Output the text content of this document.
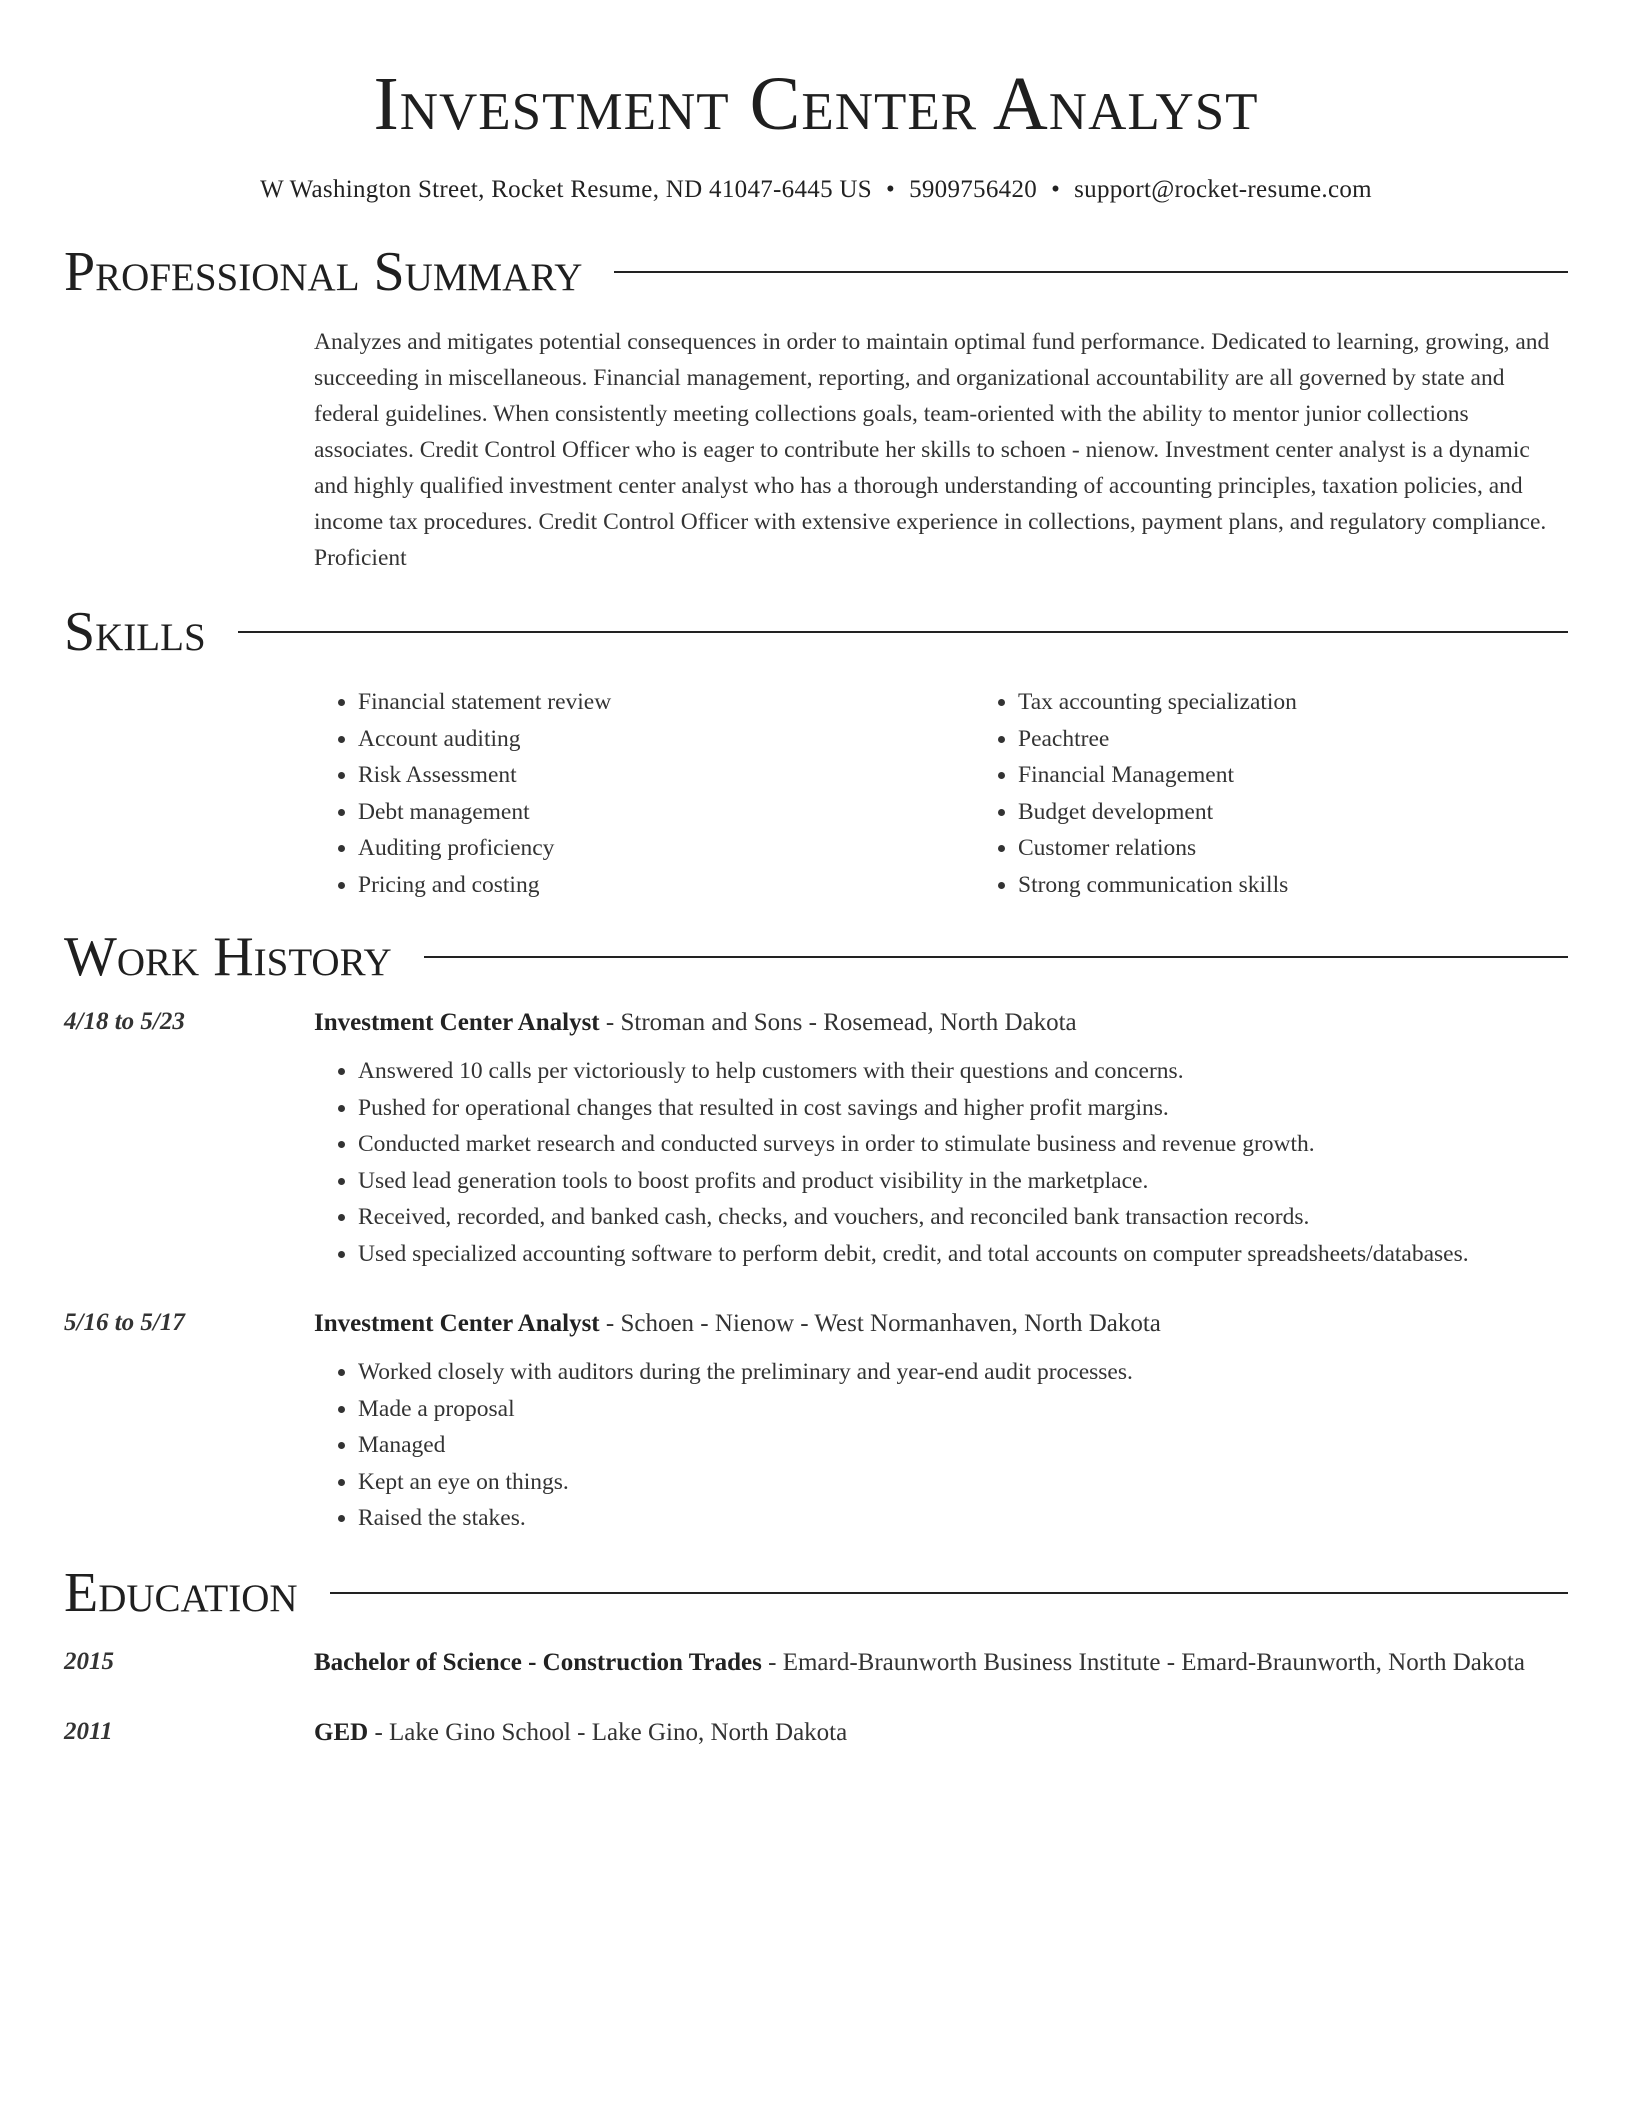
Investment Center Analyst
W Washington Street, Rocket Resume, ND 41047-6445 US • 5909756420 • support@rocket-resume.com
Professional Summary
Analyzes and mitigates potential consequences in order to maintain optimal fund performance. Dedicated to learning, growing, and succeeding in miscellaneous. Financial management, reporting, and organizational accountability are all governed by state and federal guidelines. When consistently meeting collections goals, team-oriented with the ability to mentor junior collections associates. Credit Control Officer who is eager to contribute her skills to schoen - nienow. Investment center analyst is a dynamic and highly qualified investment center analyst who has a thorough understanding of accounting principles, taxation policies, and income tax procedures. Credit Control Officer with extensive experience in collections, payment plans, and regulatory compliance. Proficient
Skills
• Financial statement review
• Account auditing
• Risk Assessment
• Debt management
• Auditing proficiency
• Pricing and costing
• Tax accounting specialization
• Peachtree
• Financial Management
• Budget development
• Customer relations
• Strong communication skills
Work History
4/18 to 5/23	Investment Center Analyst - Stroman and Sons - Rosemead, North Dakota
• Answered 10 calls per victoriously to help customers with their questions and concerns.
• Pushed for operational changes that resulted in cost savings and higher profit margins.
• Conducted market research and conducted surveys in order to stimulate business and revenue growth.
• Used lead generation tools to boost profits and product visibility in the marketplace.
• Received, recorded, and banked cash, checks, and vouchers, and reconciled bank transaction records.
• Used specialized accounting software to perform debit, credit, and total accounts on computer spreadsheets/databases.
5/16 to 5/17	Investment Center Analyst - Schoen - Nienow - West Normanhaven, North Dakota
• Worked closely with auditors during the preliminary and year-end audit processes.
• Made a proposal
• Managed
• Kept an eye on things.
• Raised the stakes.
Education
2015	Bachelor of Science - Construction Trades - Emard-Braunworth Business Institute - Emard-Braunworth, North Dakota
2011	GED - Lake Gino School - Lake Gino, North Dakota
